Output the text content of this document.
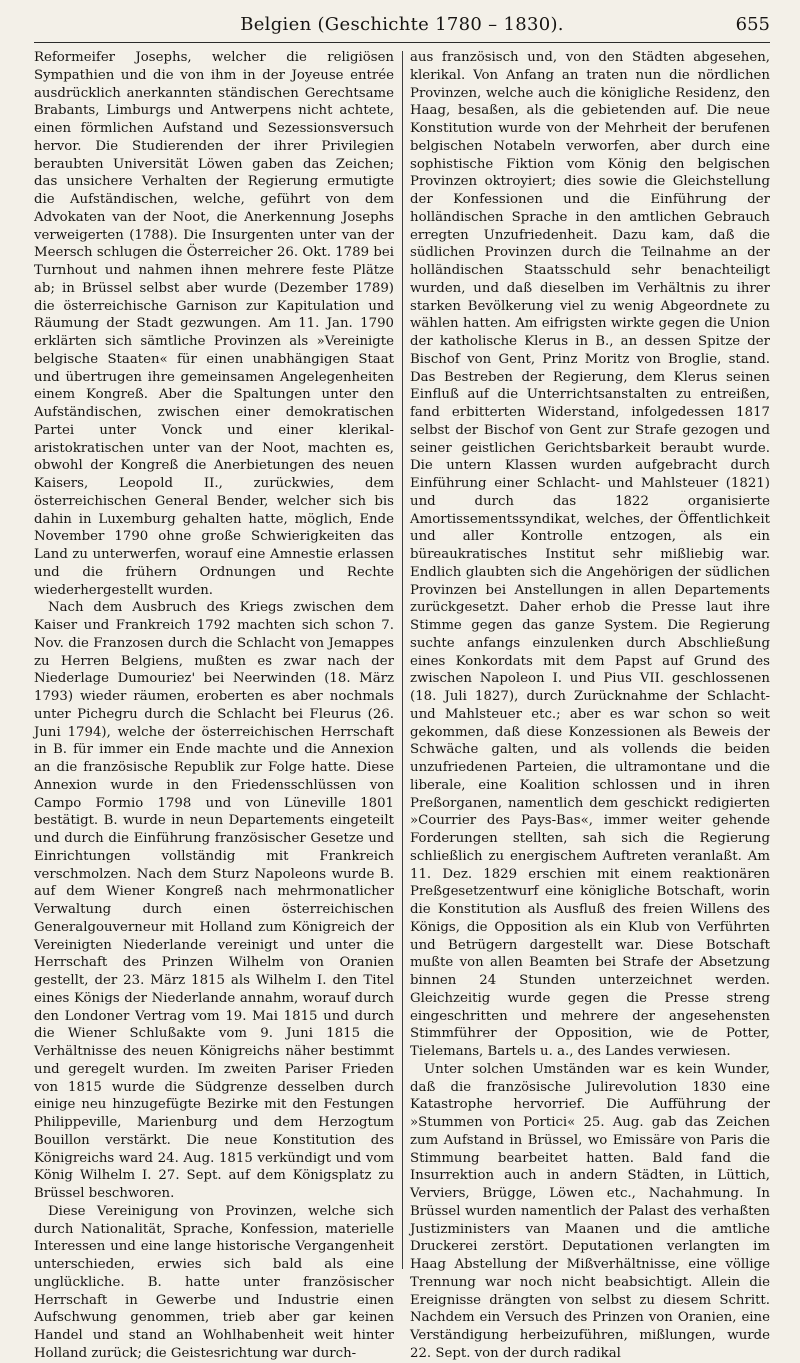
Belgien (Geschichte 1780 – 1830).	655

Reformeifer Josephs, welcher die religiösen Sympathien und die von ihm in der Joyeuse entrée ausdrücklich anerkannten ständischen Gerechtsame Brabants, Limburgs und Antwerpens nicht achtete, einen förmlichen Aufstand und Sezessionsversuch hervor. Die Studierenden der ihrer Privilegien beraubten Universität Löwen gaben das Zeichen; das unsichere Verhalten der Regierung ermutigte die Aufständischen, welche, geführt von dem Advokaten van der Noot, die Anerkennung Josephs verweigerten (1788). Die Insurgenten unter van der Meersch schlugen die Österreicher 26. Okt. 1789 bei Turnhout und nahmen ihnen mehrere feste Plätze ab; in Brüssel selbst aber wurde (Dezember 1789) die österreichische Garnison zur Kapitulation und Räumung der Stadt gezwungen. Am 11. Jan. 1790 erklärten sich sämtliche Provinzen als »Vereinigte belgische Staaten« für einen unabhängigen Staat und übertrugen ihre gemeinsamen Angelegenheiten einem Kongreß. Aber die Spaltungen unter den Aufständischen, zwischen einer demokratischen Partei unter Vonck und einer klerikal-aristokratischen unter van der Noot, machten es, obwohl der Kongreß die Anerbietungen des neuen Kaisers, Leopold II., zurückwies, dem österreichischen General Bender, welcher sich bis dahin in Luxemburg gehalten hatte, möglich, Ende November 1790 ohne große Schwierigkeiten das Land zu unterwerfen, worauf eine Amnestie erlassen und die frühern Ordnungen und Rechte wiederhergestellt wurden.

Nach dem Ausbruch des Kriegs zwischen dem Kaiser und Frankreich 1792 machten sich schon 7. Nov. die Franzosen durch die Schlacht von Jemappes zu Herren Belgiens, mußten es zwar nach der Niederlage Dumouriez' bei Neerwinden (18. März 1793) wieder räumen, eroberten es aber nochmals unter Pichegru durch die Schlacht bei Fleurus (26. Juni 1794), welche der österreichischen Herrschaft in B. für immer ein Ende machte und die Annexion an die französische Republik zur Folge hatte. Diese Annexion wurde in den Friedensschlüssen von Campo Formio 1798 und von Lüneville 1801 bestätigt. B. wurde in neun Departements eingeteilt und durch die Einführung französischer Gesetze und Einrichtungen vollständig mit Frankreich verschmolzen. Nach dem Sturz Napoleons wurde B. auf dem Wiener Kongreß nach mehrmonatlicher Verwaltung durch einen österreichischen Generalgouverneur mit Holland zum Königreich der Vereinigten Niederlande vereinigt und unter die Herrschaft des Prinzen Wilhelm von Oranien gestellt, der 23. März 1815 als Wilhelm I. den Titel eines Königs der Niederlande annahm, worauf durch den Londoner Vertrag vom 19. Mai 1815 und durch die Wiener Schlußakte vom 9. Juni 1815 die Verhältnisse des neuen Königreichs näher bestimmt und geregelt wurden. Im zweiten Pariser Frieden von 1815 wurde die Südgrenze desselben durch einige neu hinzugefügte Bezirke mit den Festungen Philippeville, Marienburg und dem Herzogtum Bouillon verstärkt. Die neue Konstitution des Königreichs ward 24. Aug. 1815 verkündigt und vom König Wilhelm I. 27. Sept. auf dem Königsplatz zu Brüssel beschworen.

Diese Vereinigung von Provinzen, welche sich durch Nationalität, Sprache, Konfession, materielle Interessen und eine lange historische Vergangenheit unterschieden, erwies sich bald als eine unglückliche. B. hatte unter französischer Herrschaft in Gewerbe und Industrie einen Aufschwung genommen, trieb aber gar keinen Handel und stand an Wohlhabenheit weit hinter Holland zurück; die Geistesrichtung war durch-

aus französisch und, von den Städten abgesehen, klerikal. Von Anfang an traten nun die nördlichen Provinzen, welche auch die königliche Residenz, den Haag, besaßen, als die gebietenden auf. Die neue Konstitution wurde von der Mehrheit der berufenen belgischen Notabeln verworfen, aber durch eine sophistische Fiktion vom König den belgischen Provinzen oktroyiert; dies sowie die Gleichstellung der Konfessionen und die Einführung der holländischen Sprache in den amtlichen Gebrauch erregten Unzufriedenheit. Dazu kam, daß die südlichen Provinzen durch die Teilnahme an der holländischen Staatsschuld sehr benachteiligt wurden, und daß dieselben im Verhältnis zu ihrer starken Bevölkerung viel zu wenig Abgeordnete zu wählen hatten. Am eifrigsten wirkte gegen die Union der katholische Klerus in B., an dessen Spitze der Bischof von Gent, Prinz Moritz von Broglie, stand. Das Bestreben der Regierung, dem Klerus seinen Einfluß auf die Unterrichtsanstalten zu entreißen, fand erbitterten Widerstand, infolgedessen 1817 selbst der Bischof von Gent zur Strafe gezogen und seiner geistlichen Gerichtsbarkeit beraubt wurde. Die untern Klassen wurden aufgebracht durch Einführung einer Schlacht- und Mahlsteuer (1821) und durch das 1822 organisierte Amortissementssyndikat, welches, der Öffentlichkeit und aller Kontrolle entzogen, als ein büreaukratisches Institut sehr mißliebig war. Endlich glaubten sich die Angehörigen der südlichen Provinzen bei Anstellungen in allen Departements zurückgesetzt. Daher erhob die Presse laut ihre Stimme gegen das ganze System. Die Regierung suchte anfangs einzulenken durch Abschließung eines Konkordats mit dem Papst auf Grund des zwischen Napoleon I. und Pius VII. geschlossenen (18. Juli 1827), durch Zurücknahme der Schlacht- und Mahlsteuer etc.; aber es war schon so weit gekommen, daß diese Konzessionen als Beweis der Schwäche galten, und als vollends die beiden unzufriedenen Parteien, die ultramontane und die liberale, eine Koalition schlossen und in ihren Preßorganen, namentlich dem geschickt redigierten »Courrier des Pays-Bas«, immer weiter gehende Forderungen stellten, sah sich die Regierung schließlich zu energischem Auftreten veranlaßt. Am 11. Dez. 1829 erschien mit einem reaktionären Preßgesetzentwurf eine königliche Botschaft, worin die Konstitution als Ausfluß des freien Willens des Königs, die Opposition als ein Klub von Verführten und Betrügern dargestellt war. Diese Botschaft mußte von allen Beamten bei Strafe der Absetzung binnen 24 Stunden unterzeichnet werden. Gleichzeitig wurde gegen die Presse streng eingeschritten und mehrere der angesehensten Stimmführer der Opposition, wie de Potter, Tielemans, Bartels u. a., des Landes verwiesen.

Unter solchen Umständen war es kein Wunder, daß die französische Julirevolution 1830 eine Katastrophe hervorrief. Die Aufführung der »Stummen von Portici« 25. Aug. gab das Zeichen zum Aufstand in Brüssel, wo Emissäre von Paris die Stimmung bearbeitet hatten. Bald fand die Insurrektion auch in andern Städten, in Lüttich, Verviers, Brügge, Löwen etc., Nachahmung. In Brüssel wurden namentlich der Palast des verhaßten Justizministers van Maanen und die amtliche Druckerei zerstört. Deputationen verlangten im Haag Abstellung der Mißverhältnisse, eine völlige Trennung war noch nicht beabsichtigt. Allein die Ereignisse drängten von selbst zu diesem Schritt. Nachdem ein Versuch des Prinzen von Oranien, eine Verständigung herbeizuführen, mißlungen, wurde 22. Sept. von der durch radikal
